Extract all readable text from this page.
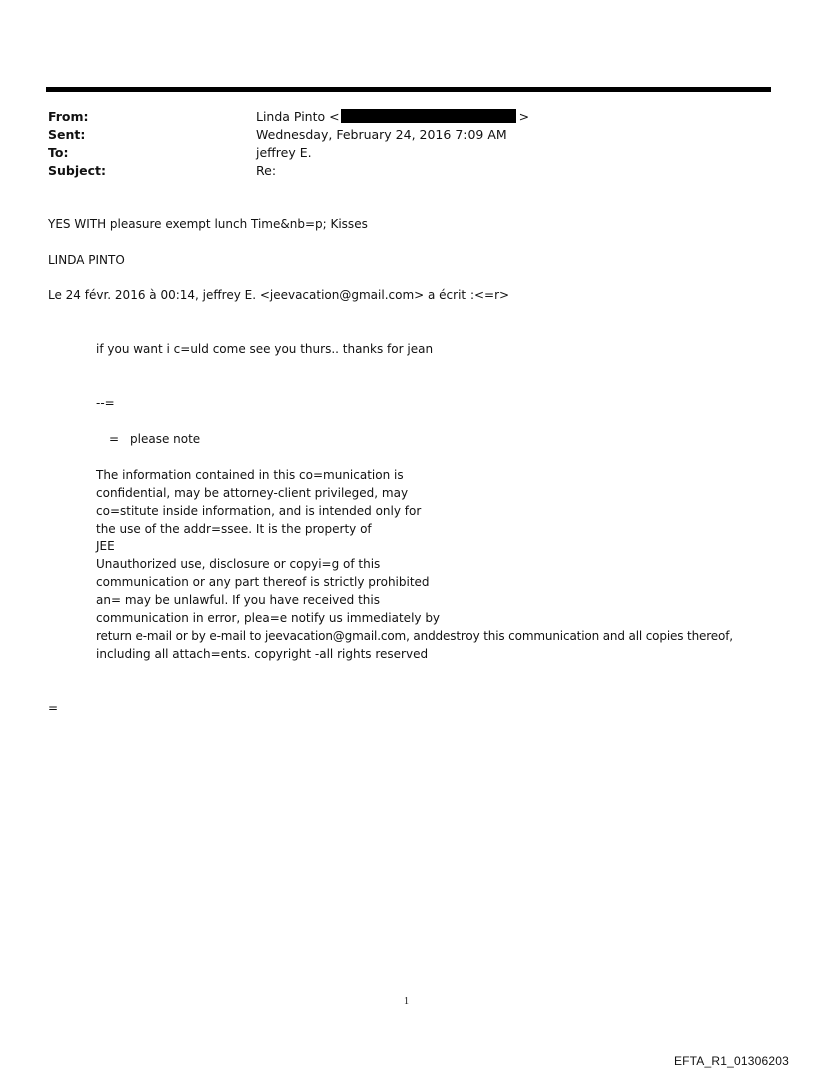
From:	Linda Pinto <	>
Sent:	Wednesday, February 24, 2016 7:09 AM
To:	jeffrey E.
Subject:	Re:
YES WITH pleasure exempt lunch Time&nb=p; Kisses
LINDA PINTO
Le 24 févr. 2016 à 00:14, jeffrey E. <jeevacation@gmail.com> a écrit :<=r>
if you want i c=uld come see you thurs.. thanks for jean
--=
= please note
The information contained in this co=munication is
confidential, may be attorney-client privileged, may
co=stitute inside information, and is intended only for
the use of the addr=ssee. It is the property of
JEE
Unauthorized use, disclosure or copyi=g of this
communication or any part thereof is strictly prohibited
an= may be unlawful. If you have received this
communication in error, plea=e notify us immediately by
return e-mail or by e-mail to jeevacation@gmail.com, anddestroy this communication and all copies thereof,
including all attach=ents. copyright -all rights reserved
=
1
EFTA_R1_01306203
